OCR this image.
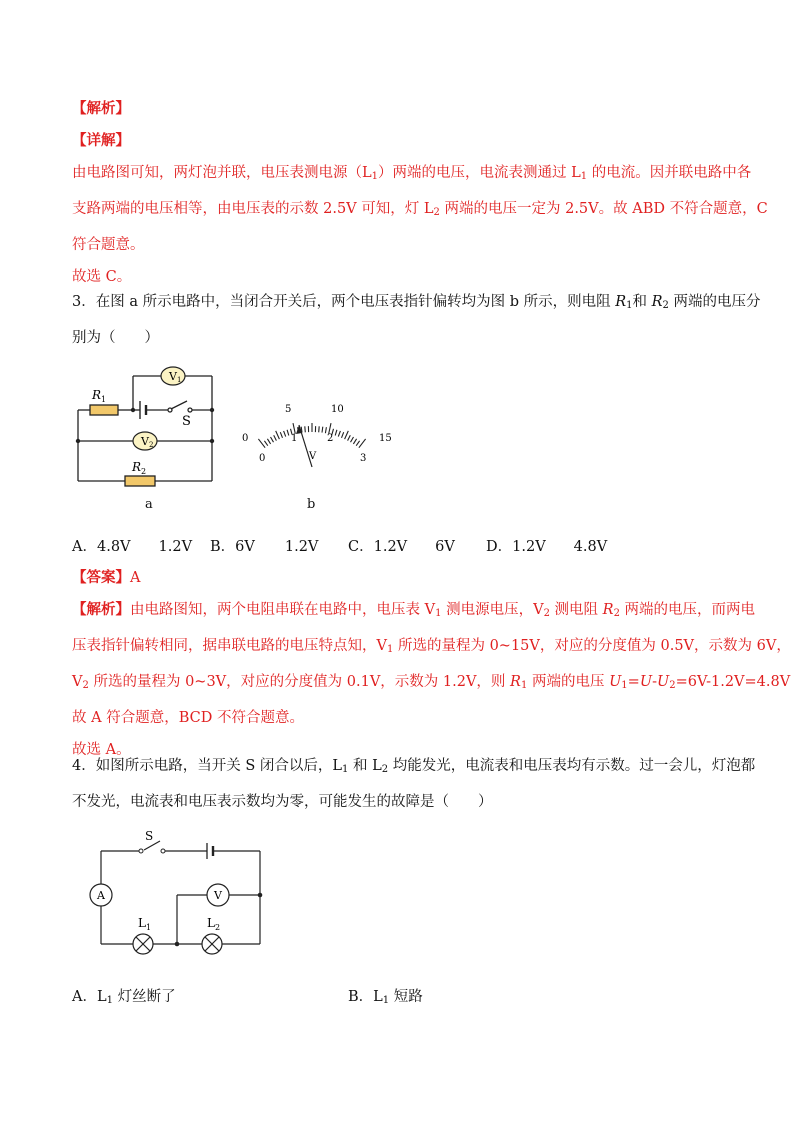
【解析】
【详解】
由电路图可知，两灯泡并联，电压表测电源$(L_1)$两端的电压，电流表测通过 $L_1$ 的电流。因并联电路中各
支路两端的电压相等，由电压表的示数 2.5V 可知，灯 $L_2$ 两端的电压一定为 2.5V。故 ABD 不符合题意，C
符合题意。
故选 C。
3．在图 a 所示电路中，当闭合开关后，两个电压表指针偏转均为图 b 所示，则电阻 $R_1$和 $R_2$ 两端的电压分
别为（　　）
V1
V2
$R_1$
$R_2$
S
a
0
5	10
15
0
1	2
3
V
b
A．4.8V 1.2V B．6V 1.2V C．1.2V 6V D．1.2V 4.8V
【答案】A
【解析】由电路图知，两个电阻串联在电路中，电压表 $V_1$ 测电源电压，$V_2$ 测电阻 $R_2$ 两端的电压，而两电
压表指针偏转相同，据串联电路的电压特点知，$V_1$ 所选的量程为 0~15V，对应的分度值为 0.5V，示数为 6V，
$V_2$ 所选的量程为 0~3V，对应的分度值为 0.1V，示数为 1.2V，则 $R_1$ 两端的电压 $U_1=U-U_2=6V-1.2V=4.8V$
故 A 符合题意，BCD 不符合题意。
故选 A。
4．如图所示电路，当开关 S 闭合以后，$L_1$ 和 $L_2$ 均能发光，电流表和电压表均有示数。过一会儿，灯泡都
不发光，电流表和电压表示数均为零，可能发生的故障是（　　）
A	V
S
$L_1$	$L_2$
A．$L_1$ 灯丝断了	B．$L_1$ 短路
